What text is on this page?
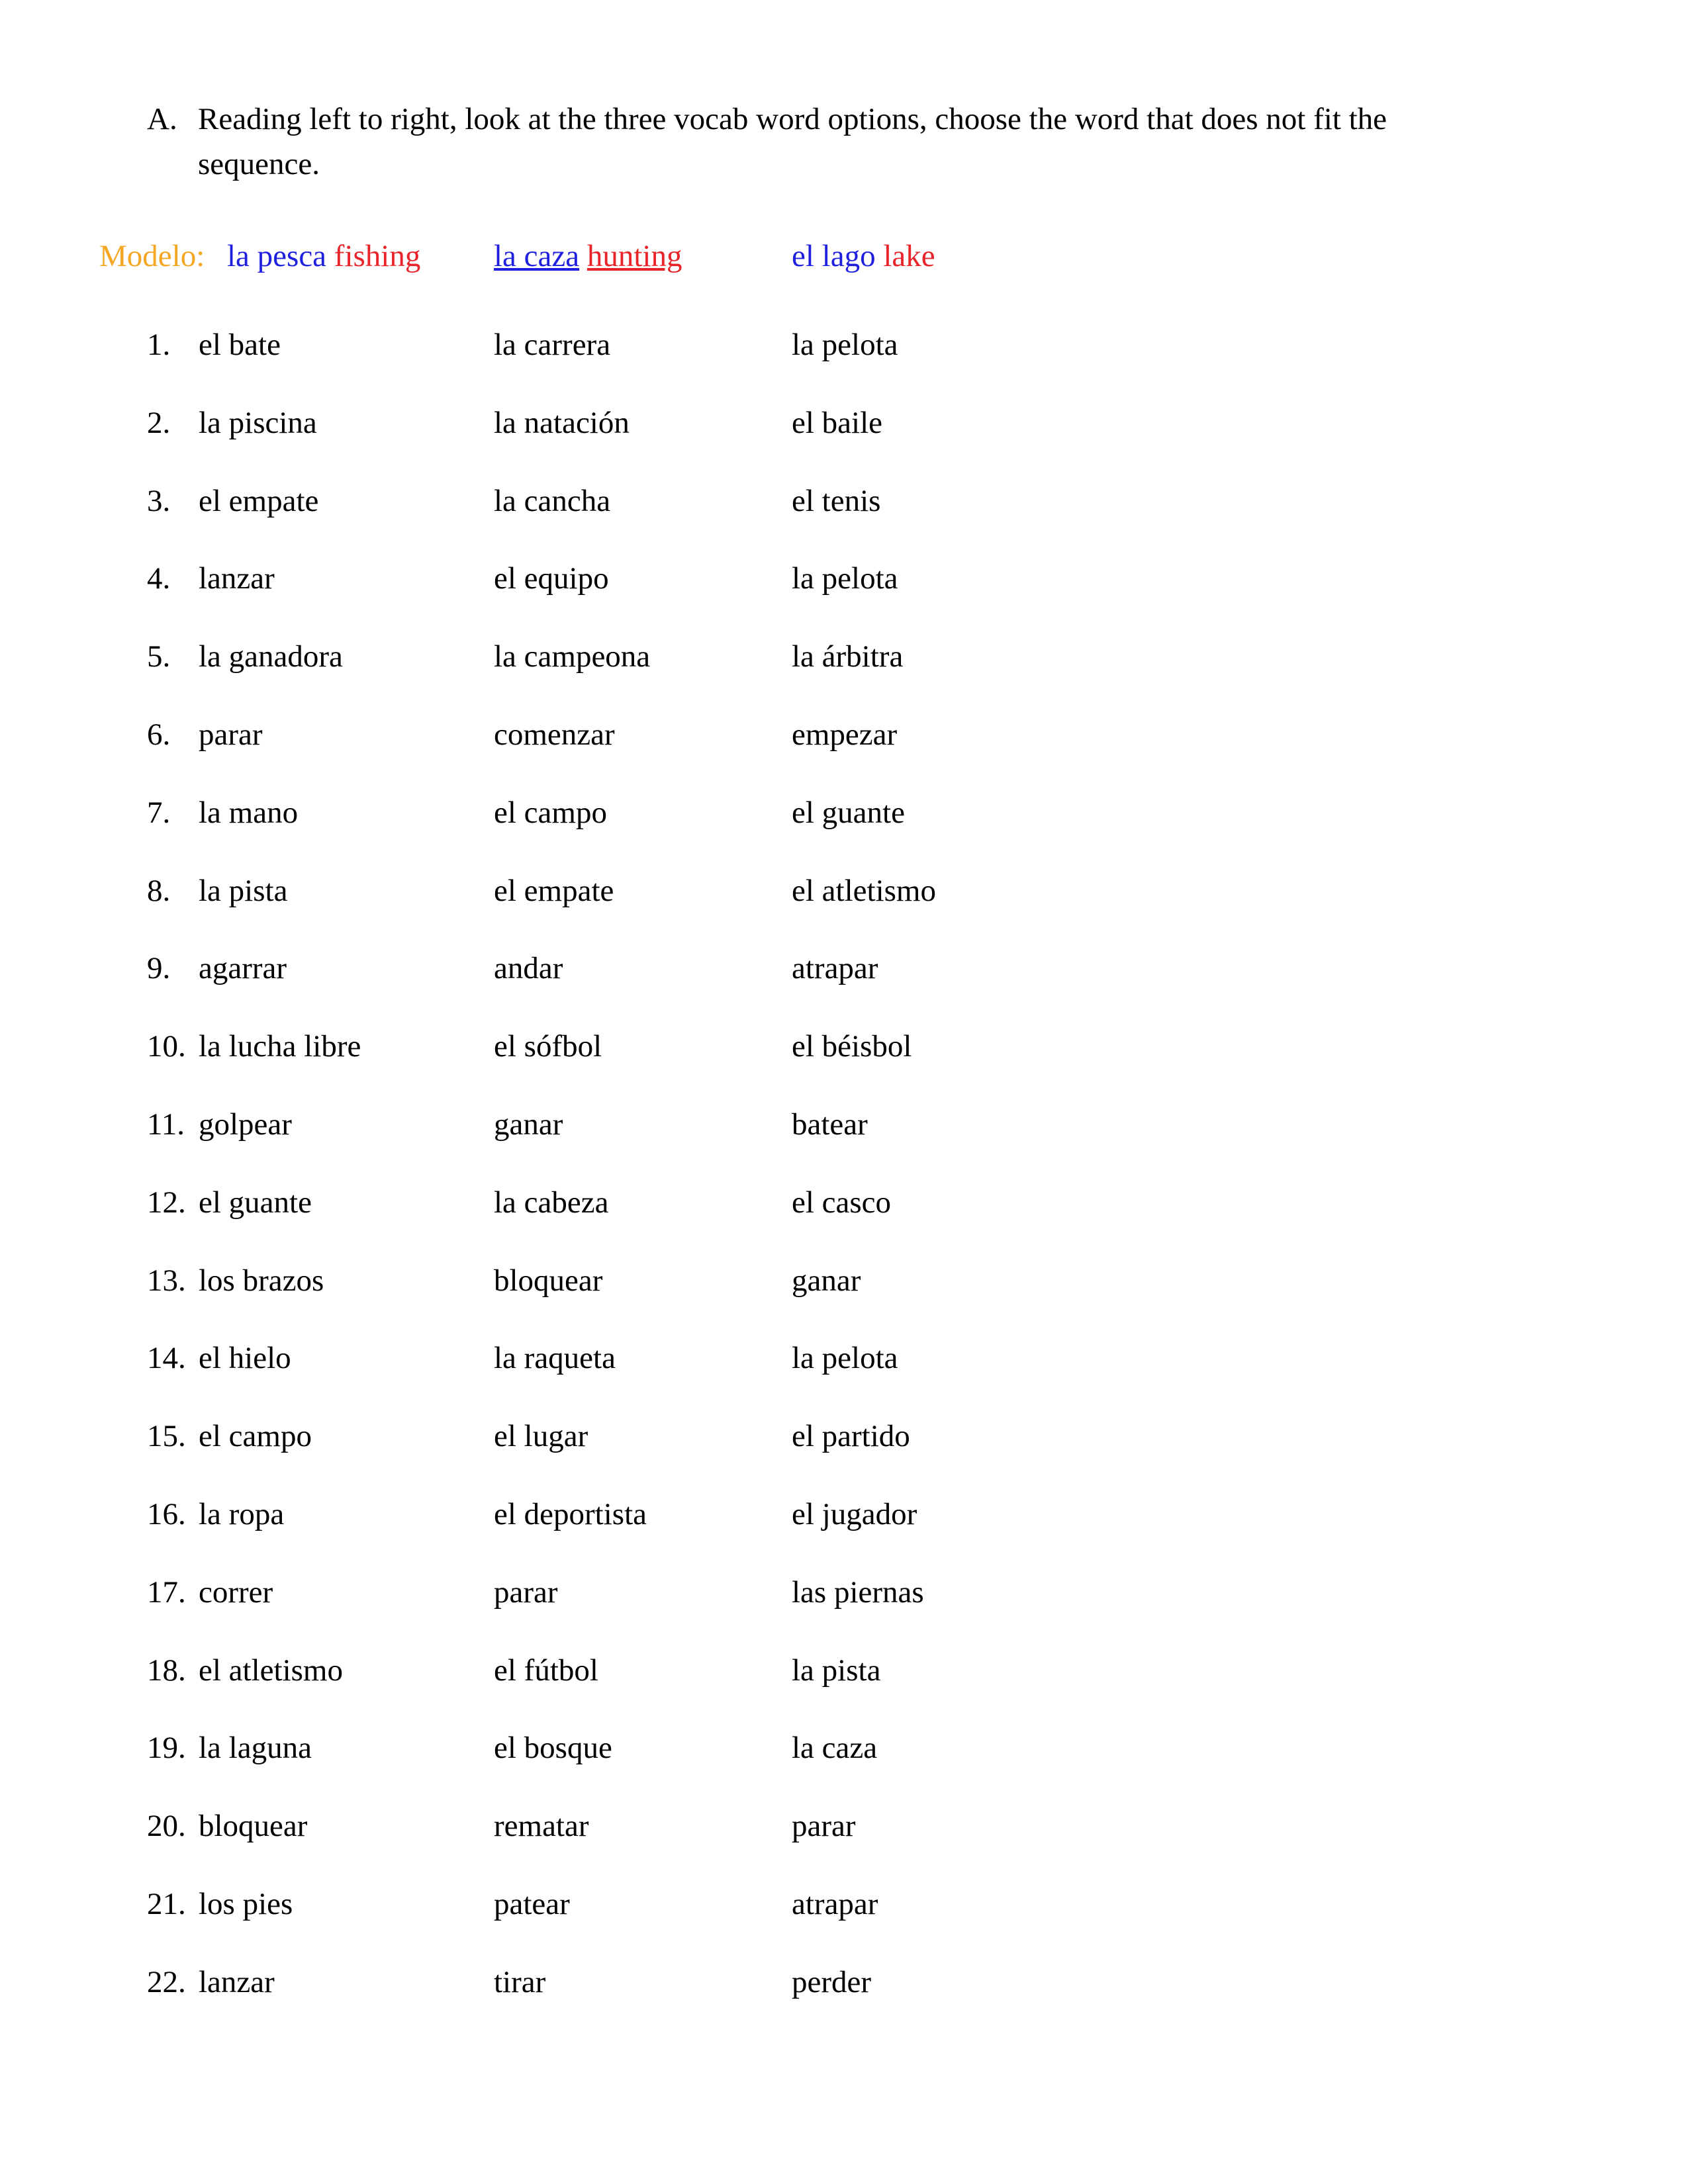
A. Reading left to right, look at the three vocab word options, choose the word that does not fit the sequence.
Modelo: la pesca fishing la caza hunting	el lago lake
1. el bate	la carrera	la pelota
2. la piscina	la natación	el baile
3. el empate	la cancha	el tenis
4. lanzar	el equipo	la pelota
5. la ganadora	la campeona	la árbitra
6. parar	comenzar	empezar
7. la mano	el campo	el guante
8. la pista	el empate	el atletismo
9. agarrar	andar	atrapar
10. la lucha libre	el sófbol	el béisbol
11. golpear	ganar	batear
12. el guante	la cabeza	el casco
13. los brazos	bloquear	ganar
14. el hielo	la raqueta	la pelota
15. el campo	el lugar	el partido
16. la ropa	el deportista	el jugador
17. correr	parar	las piernas
18. el atletismo	el fútbol	la pista
19. la laguna	el bosque	la caza
20. bloquear	rematar	parar
21. los pies	patear	atrapar
22. lanzar	tirar	perder
